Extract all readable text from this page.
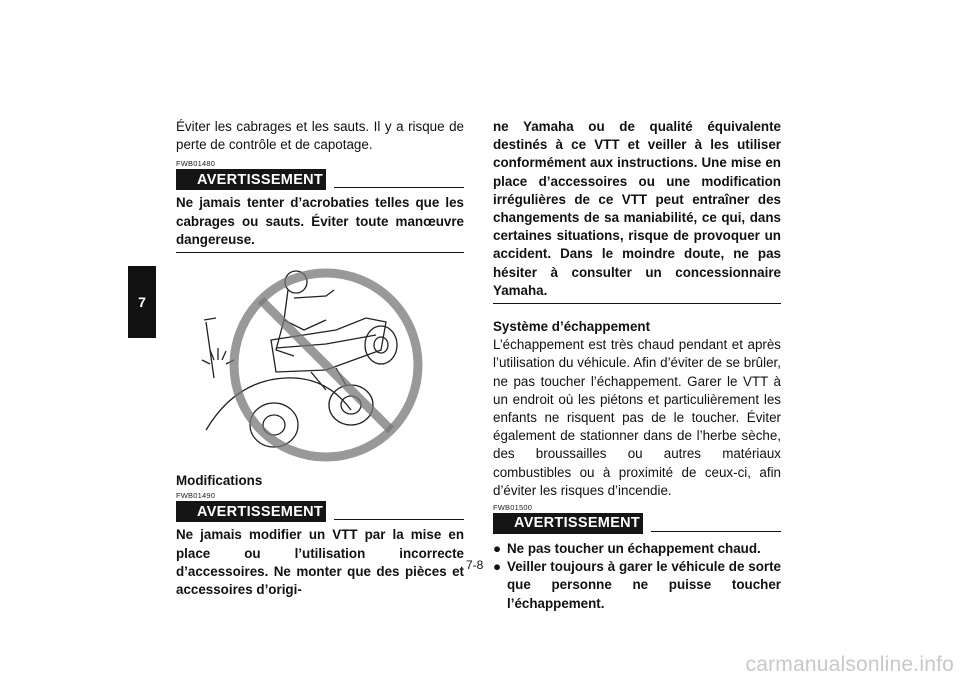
7

Éviter les cabrages et les sauts. Il y a risque de perte de contrôle et de capotage.

FWB01480
AVERTISSEMENT

Ne jamais tenter d’acrobaties telles que les cabrages ou sauts. Éviter toute manœuvre dangereuse.

Modifications
FWB01490
AVERTISSEMENT

Ne jamais modifier un VTT par la mise en place ou l’utilisation incorrecte d’accessoires. Ne monter que des pièces et accessoires d’origi-

ne Yamaha ou de qualité équivalente destinés à ce VTT et veiller à les utiliser conformément aux instructions. Une mise en place d’accessoires ou une modification irrégulières de ce VTT peut entraîner des changements de sa maniabilité, ce qui, dans certaines situations, risque de provoquer un accident. Dans le moindre doute, ne pas hésiter à consulter un concessionnaire Yamaha.

Système d’échappement

L’échappement est très chaud pendant et après l’utilisation du véhicule. Afin d’éviter de se brûler, ne pas toucher l’échappement. Garer le VTT à un endroit où les piétons et particulièrement les enfants ne risquent pas de le toucher. Éviter également de stationner dans de l’herbe sèche, des broussailles ou autres matériaux combustibles ou à proximité de ceux-ci, afin d’éviter les risques d’incendie.

FWB01500
AVERTISSEMENT
● Ne pas toucher un échappement chaud.
● Veiller toujours à garer le véhicule de sorte que personne ne puisse toucher l’échappement.
7-8
carmanualsonline.info
